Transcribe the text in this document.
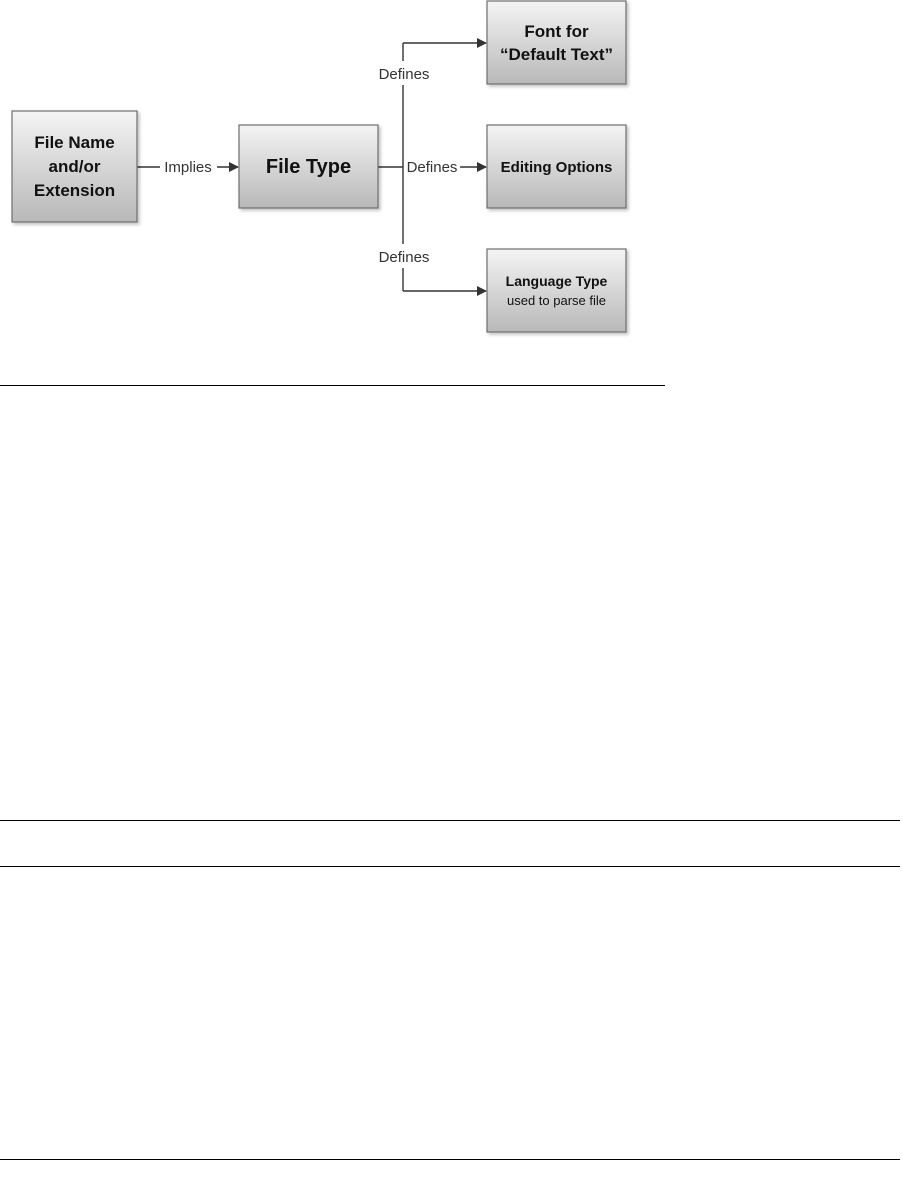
Implies
Defines
Defines
Defines
File Name
and/or
Extension
File Type
Font for
“Default Text”
Editing Options
Language Type
used to parse file
